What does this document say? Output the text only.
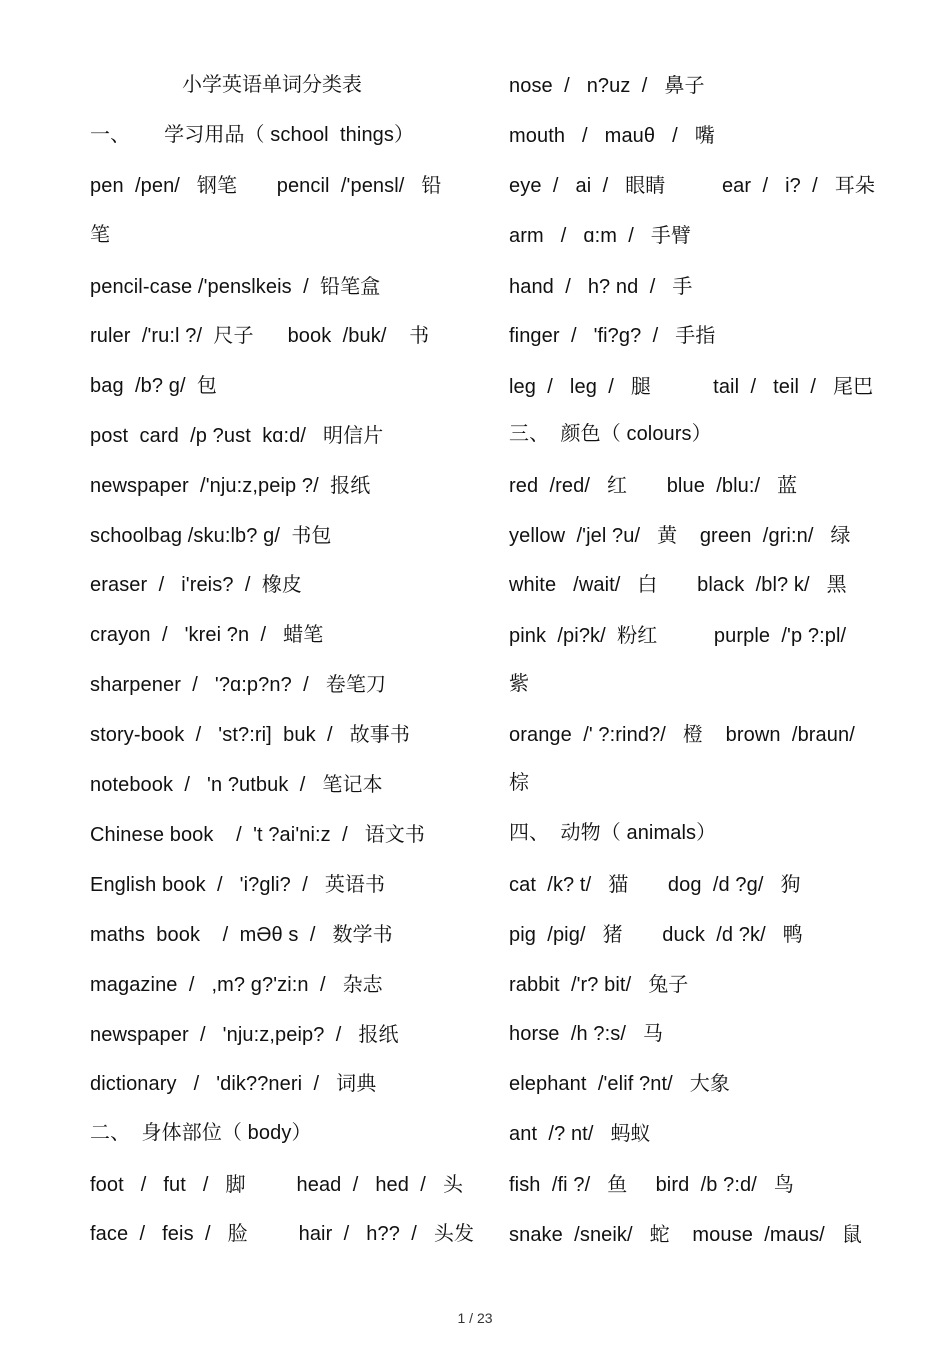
小学英语单词分类表
一、      学习用品（ school  things）
pen  /pen/   钢笔       pencil  /'pensl/   铅
笔
pencil-case /'penslkeis  /  铅笔盒
ruler  /'ru:l ?/  尺子      book  /buk/    书
bag  /b? g/  包
post  card  /p ?ust  kɑ:d/   明信片
newspaper  /'nju:z,peip ?/  报纸
schoolbag /sku:lb? g/  书包
eraser  /   i'reis?  /  橡皮
crayon  /   'krei ?n  /   蜡笔
sharpener  /   '?ɑ:p?n?  /   卷笔刀
story-book  /   'st?:ri]  buk  /   故事书
notebook  /   'n ?utbuk  /   笔记本
Chinese book    /  't ?ai'ni:z  /   语文书
English book  /   'i?gli?  /   英语书
maths  book    /  mӘθ s  /   数学书
magazine  /   ,m? g?'zi:n  /   杂志
newspaper  /   'nju:z,peip?  /   报纸
dictionary   /   'dik??neri  /   词典
二、  身体部位（ body）
foot   /   fut   /   脚         head  /   hed  /   头
face  /   feis  /   脸         hair  /   h??  /   头发
nose  /   n?uz  /   鼻子
mouth   /   mauθ   /   嘴
eye  /   ai  /   眼睛          ear  /   i?  /   耳朵
arm   /   ɑ:m  /   手臂
hand  /   h? nd  /   手
finger  /   'fi?g?  /   手指
leg  /   leg  /   腿           tail  /   teil  /   尾巴
三、  颜色（ colours）
red  /red/   红       blue  /blu:/   蓝
yellow  /'jel ?u/   黄    green  /gri:n/   绿
white   /wait/   白       black  /bl? k/   黑
pink  /pi?k/  粉红          purple  /'p ?:pl/
紫
orange  /' ?:rind?/   橙    brown  /braun/
棕
四、  动物（ animals）
cat  /k? t/   猫       dog  /d ?g/   狗
pig  /pig/   猪       duck  /d ?k/   鸭
rabbit  /'r? bit/   兔子
horse  /h ?:s/   马
elephant  /'elif ?nt/   大象
ant  /? nt/   蚂蚁
fish  /fi ?/   鱼     bird  /b ?:d/   鸟
snake  /sneik/   蛇    mouse  /maus/   鼠
1 / 23
